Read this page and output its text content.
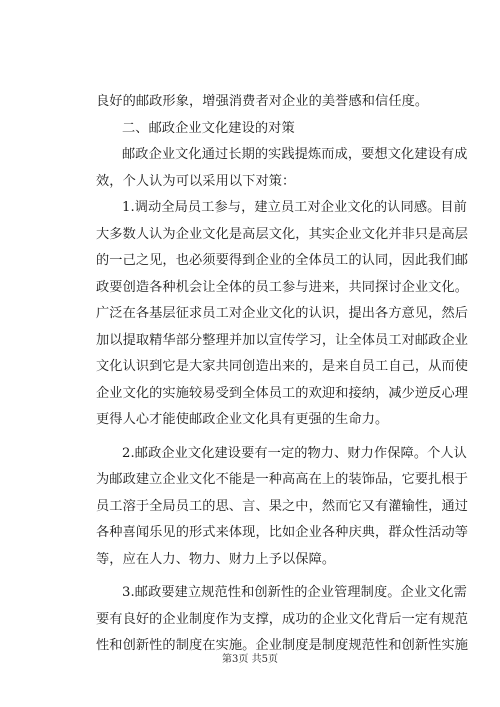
良好的邮政形象，增强消费者对企业的美誉感和信任度。
二、邮政企业文化建设的对策
邮政企业文化通过长期的实践提炼而成，要想文化建设有成
效，个人认为可以采用以下对策：
1.调动全局员工参与，建立员工对企业文化的认同感。目前
大多数人认为企业文化是高层文化，其实企业文化并非只是高层
的一己之见，也必须要得到企业的全体员工的认同，因此我们邮
政要创造各种机会让全体的员工参与进来，共同探讨企业文化。
广泛在各基层征求员工对企业文化的认识，提出各方意见，然后
加以提取精华部分整理并加以宣传学习，让全体员工对邮政企业
文化认识到它是大家共同创造出来的，是来自员工自己，从而使
企业文化的实施较易受到全体员工的欢迎和接纳，减少逆反心理
更得人心才能使邮政企业文化具有更强的生命力。
2.邮政企业文化建设要有一定的物力、财力作保障。个人认
为邮政建立企业文化不能是一种高高在上的装饰品，它要扎根于
员工溶于全局员工的思、言、果之中，然而它又有灌输性，通过
各种喜闻乐见的形式来体现，比如企业各种庆典，群众性活动等
等，应在人力、物力、财力上予以保障。
3.邮政要建立规范性和创新性的企业管理制度。企业文化需
要有良好的企业制度作为支撑，成功的企业文化背后一定有规范
性和创新性的制度在实施。企业制度是制度规范性和创新性实施
第3页 共5页
